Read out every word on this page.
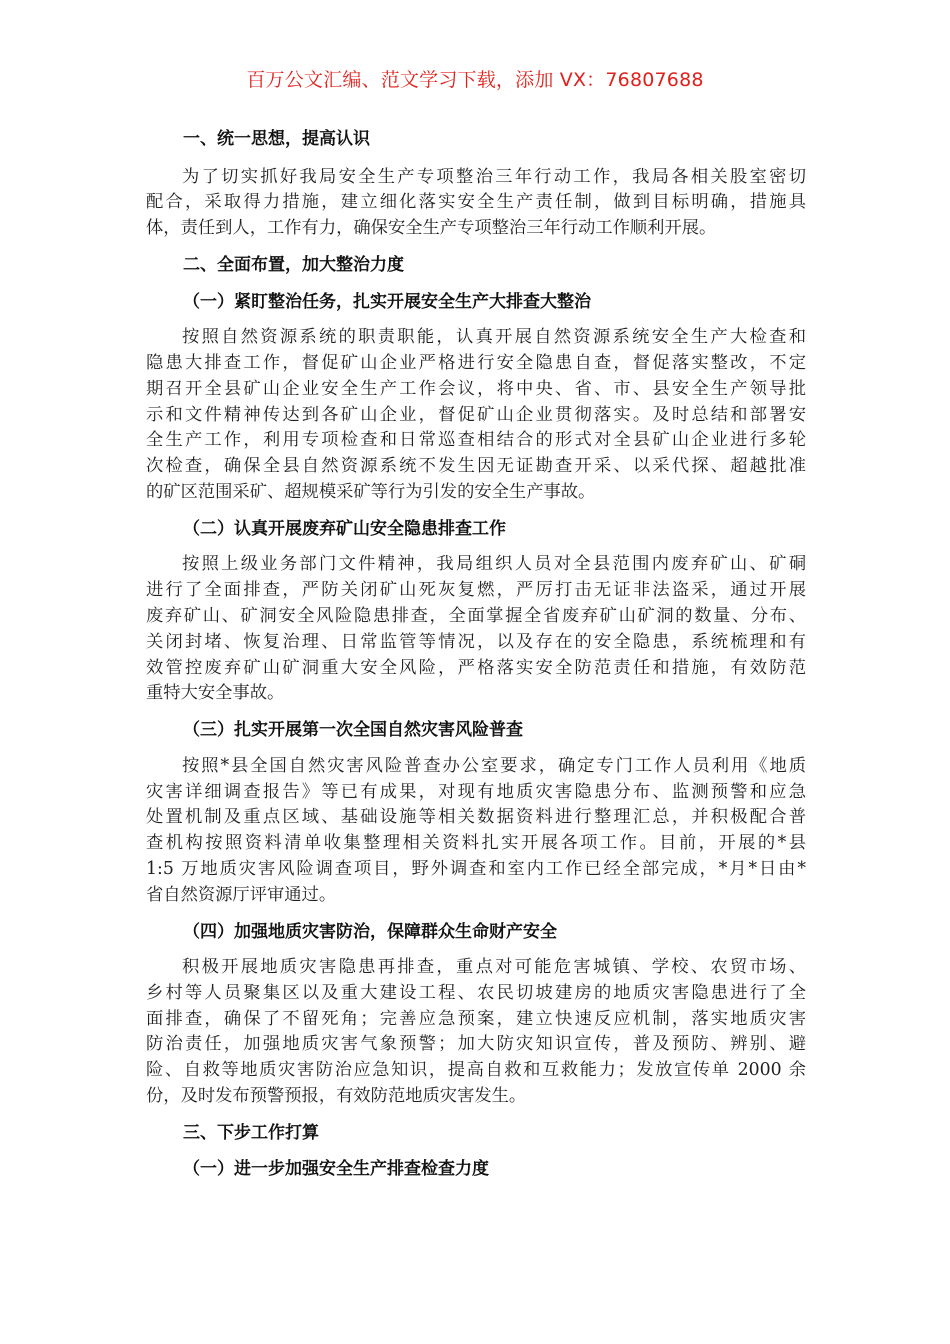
百万公文汇编、范文学习下载，添加 VX：76807688
一、统一思想，提高认识
为了切实抓好我局安全生产专项整治三年行动工作，我局各相关股室密切
配合，采取得力措施，建立细化落实安全生产责任制，做到目标明确，措施具
体，责任到人，工作有力，确保安全生产专项整治三年行动工作顺利开展。
二、全面布置，加大整治力度
（一）紧盯整治任务，扎实开展安全生产大排查大整治
按照自然资源系统的职责职能，认真开展自然资源系统安全生产大检查和
隐患大排查工作，督促矿山企业严格进行安全隐患自查，督促落实整改，不定
期召开全县矿山企业安全生产工作会议，将中央、省、市、县安全生产领导批
示和文件精神传达到各矿山企业，督促矿山企业贯彻落实。及时总结和部署安
全生产工作，利用专项检查和日常巡查相结合的形式对全县矿山企业进行多轮
次检查，确保全县自然资源系统不发生因无证勘查开采、以采代探、超越批准
的矿区范围采矿、超规模采矿等行为引发的安全生产事故。
（二）认真开展废弃矿山安全隐患排查工作
按照上级业务部门文件精神，我局组织人员对全县范围内废弃矿山、矿硐
进行了全面排查，严防关闭矿山死灰复燃，严厉打击无证非法盗采，通过开展
废弃矿山、矿洞安全风险隐患排查，全面掌握全省废弃矿山矿洞的数量、分布、
关闭封堵、恢复治理、日常监管等情况，以及存在的安全隐患，系统梳理和有
效管控废弃矿山矿洞重大安全风险，严格落实安全防范责任和措施，有效防范
重特大安全事故。
（三）扎实开展第一次全国自然灾害风险普查
按照*县全国自然灾害风险普查办公室要求，确定专门工作人员利用《地质
灾害详细调查报告》等已有成果，对现有地质灾害隐患分布、监测预警和应急
处置机制及重点区域、基础设施等相关数据资料进行整理汇总，并积极配合普
查机构按照资料清单收集整理相关资料扎实开展各项工作。目前，开展的*县
1:5 万地质灾害风险调查项目，野外调查和室内工作已经全部完成，*月*日由*
省自然资源厅评审通过。
（四）加强地质灾害防治，保障群众生命财产安全
积极开展地质灾害隐患再排查，重点对可能危害城镇、学校、农贸市场、
乡村等人员聚集区以及重大建设工程、农民切坡建房的地质灾害隐患进行了全
面排查，确保了不留死角；完善应急预案，建立快速反应机制，落实地质灾害
防治责任，加强地质灾害气象预警；加大防灾知识宣传，普及预防、辨别、避
险、自救等地质灾害防治应急知识，提高自救和互救能力；发放宣传单 2000 余
份，及时发布预警预报，有效防范地质灾害发生。
三、下步工作打算
（一）进一步加强安全生产排查检查力度
